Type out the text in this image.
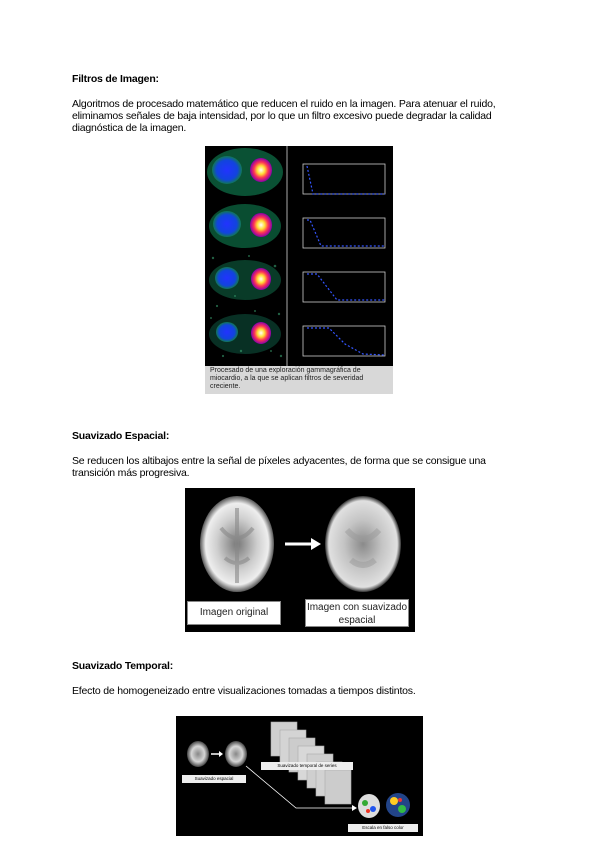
Filtros de Imagen:
Algoritmos de procesado matemático que reducen el ruido en la imagen. Para atenuar el ruido, eliminamos señales de baja intensidad, por lo que un filtro excesivo puede degradar la calidad diagnóstica de la imagen.
Procesado de una exploración gammagráfica de miocardio, a la que se aplican filtros de severidad creciente.
Suavizado Espacial:
Se reducen los altibajos entre la señal de píxeles adyacentes, de forma que se consigue una transición más progresiva.
Imagen original	Imagen con suavizado espacial
Suavizado Temporal:
Efecto de homogeneizado entre visualizaciones tomadas a tiempos distintos.
Suavizado espacial
Suavizado temporal de series
Escala en falso color
